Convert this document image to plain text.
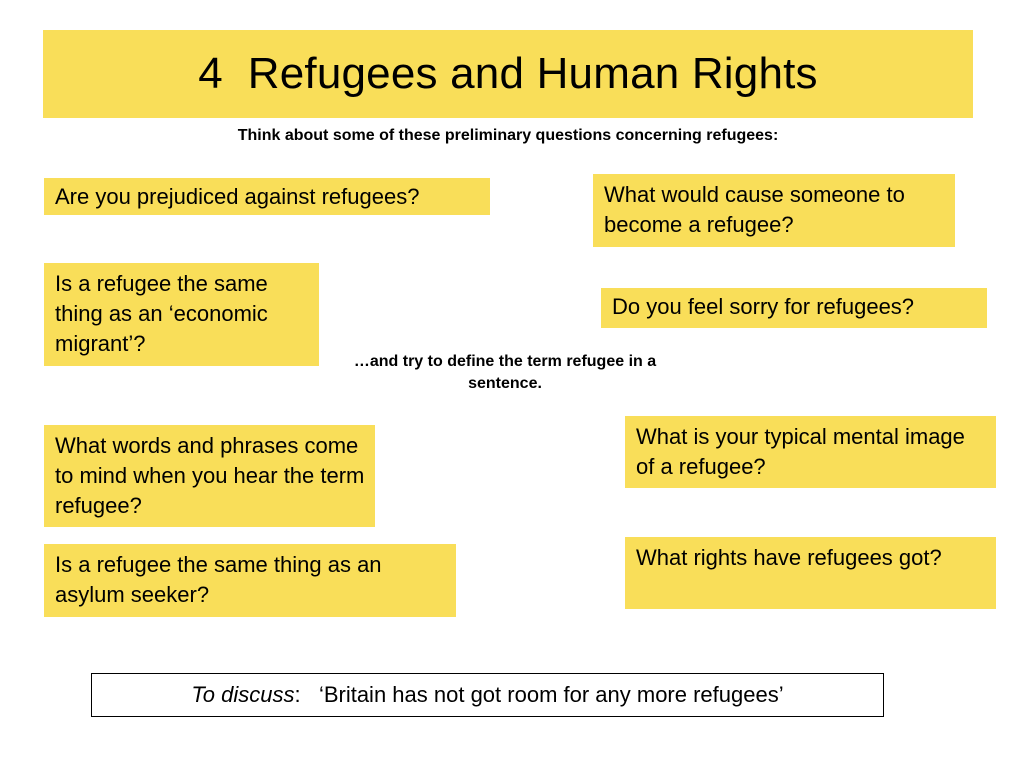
4  Refugees and Human Rights
Think about some of these preliminary questions concerning refugees:
Are you prejudiced against refugees?
Is a refugee the same thing as an ‘economic migrant’?
What words and phrases come to mind when you hear the term refugee?
Is a refugee the same thing as an asylum seeker?
What would cause someone to become a refugee?
Do you feel sorry for refugees?
What is your typical mental image of a refugee?
What rights have refugees got?
…and try to define the term refugee in a sentence.
To discuss : ‘Britain has not got room for any more refugees’
